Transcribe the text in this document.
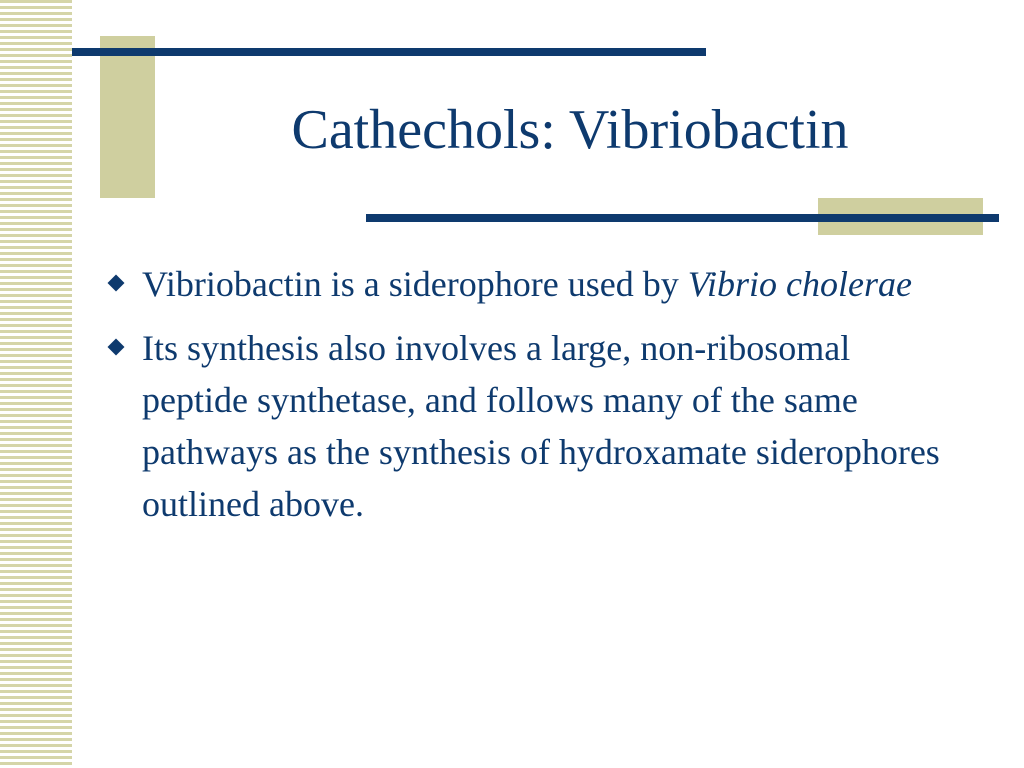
Cathechols: Vibriobactin
Vibriobactin is a siderophore used by Vibrio cholerae
Its synthesis also involves a large, non-ribosomal peptide synthetase, and follows many of the same pathways as the synthesis of hydroxamate siderophores outlined above.
